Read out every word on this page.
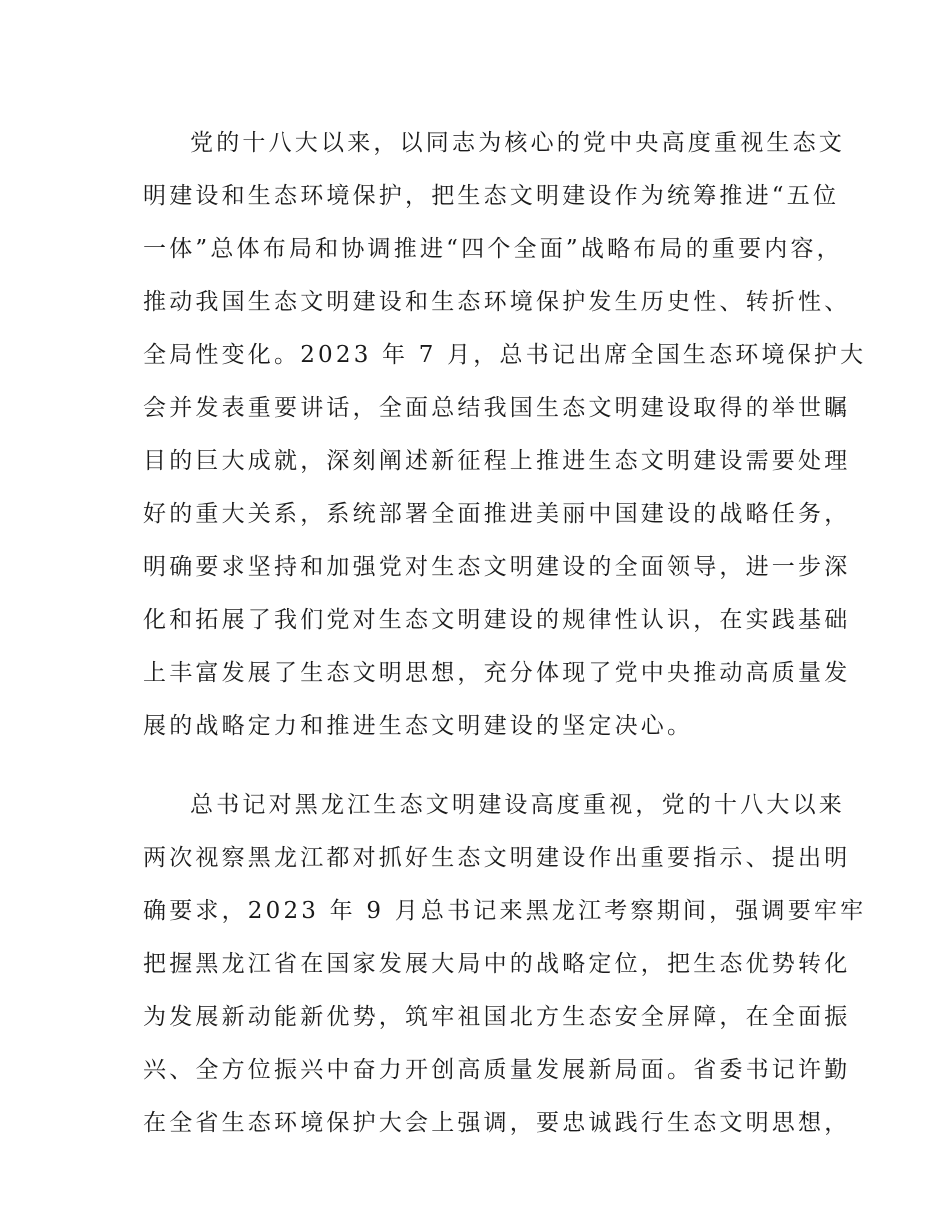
党的十八大以来，以同志为核心的党中央高度重视生态文

明建设和生态环境保护，把生态文明建设作为统筹推进“五位

一体”总体布局和协调推进“四个全面”战略布局的重要内容，

推动我国生态文明建设和生态环境保护发生历史性、转折性、

全局性变化。2023 年 7 月，总书记出席全国生态环境保护大

会并发表重要讲话，全面总结我国生态文明建设取得的举世瞩

目的巨大成就，深刻阐述新征程上推进生态文明建设需要处理

好的重大关系，系统部署全面推进美丽中国建设的战略任务，

明确要求坚持和加强党对生态文明建设的全面领导，进一步深

化和拓展了我们党对生态文明建设的规律性认识，在实践基础

上丰富发展了生态文明思想，充分体现了党中央推动高质量发

展的战略定力和推进生态文明建设的坚定决心。

总书记对黑龙江生态文明建设高度重视，党的十八大以来

两次视察黑龙江都对抓好生态文明建设作出重要指示、提出明

确要求，2023 年 9 月总书记来黑龙江考察期间，强调要牢牢

把握黑龙江省在国家发展大局中的战略定位，把生态优势转化

为发展新动能新优势，筑牢祖国北方生态安全屏障，在全面振

兴、全方位振兴中奋力开创高质量发展新局面。省委书记许勤

在全省生态环境保护大会上强调，要忠诚践行生态文明思想，
